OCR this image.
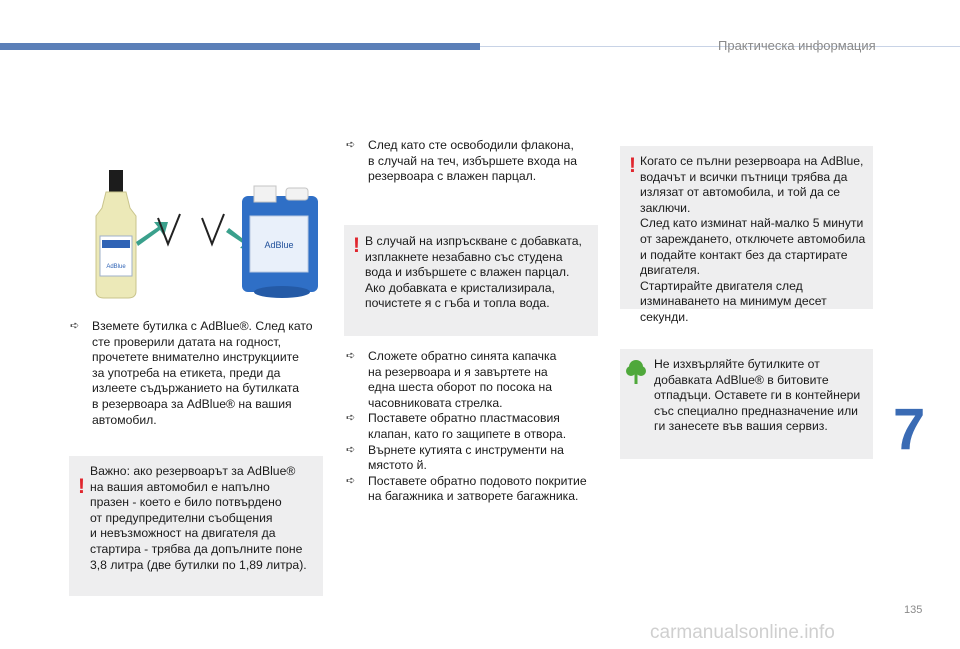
Практическа информация
7
135
carmanualsonline.info
AdBlue
AdBlue

➪ Вземете бутилка с AdBlue®. След като
сте проверили датата на годност,
прочетете внимателно инструкциите
за употреба на етикета, преди да
излеете съдържанието на бутилката
в резервоара за AdBlue® на вашия
автомобил.

!
Важно: ако резервоарът за AdBlue®
на вашия автомобил е напълно
празен - което е било потвърдено
от предупредителни съобщения
и невъзможност на двигателя да
стартира - трябва да допълните поне
3,8 литра (две бутилки по 1,89 литра).

➪ След като сте освободили флакона,
в случай на теч, избършете входа на
резервоара с влажен парцал.

! В случай на изпръскване с добавката,
изплакнете незабавно със студена
вода и избършете с влажен парцал.
Ако добавката е кристализирала,
почистете я с гъба и топла вода.

➪ Сложете обратно синята капачка
на резервоара и я завъртете на
една шеста оборот по посока на
часовниковата стрелка.

➪ Поставете обратно пластмасовия
клапан, като го защипете в отвора.

➪ Върнете кутията с инструменти на
мястото й.

➪ Поставете обратно подовото покритие
на багажника и затворете багажника.

! Когато се пълни резервоара на AdBlue,
водачът и всички пътници трябва да
излязат от автомобила, и той да се
заключи.
След като изминат най-малко 5 минути
от зареждането, отключете автомобила
и подайте контакт без да стартирате
двигателя.
Стартирайте двигателя след
изминаването на минимум десет секунди.
Не изхвърляйте бутилките от
добавката AdBlue® в битовите
отпадъци. Оставете ги в контейнери
със специално предназначение или
ги занесете във вашия сервиз.
